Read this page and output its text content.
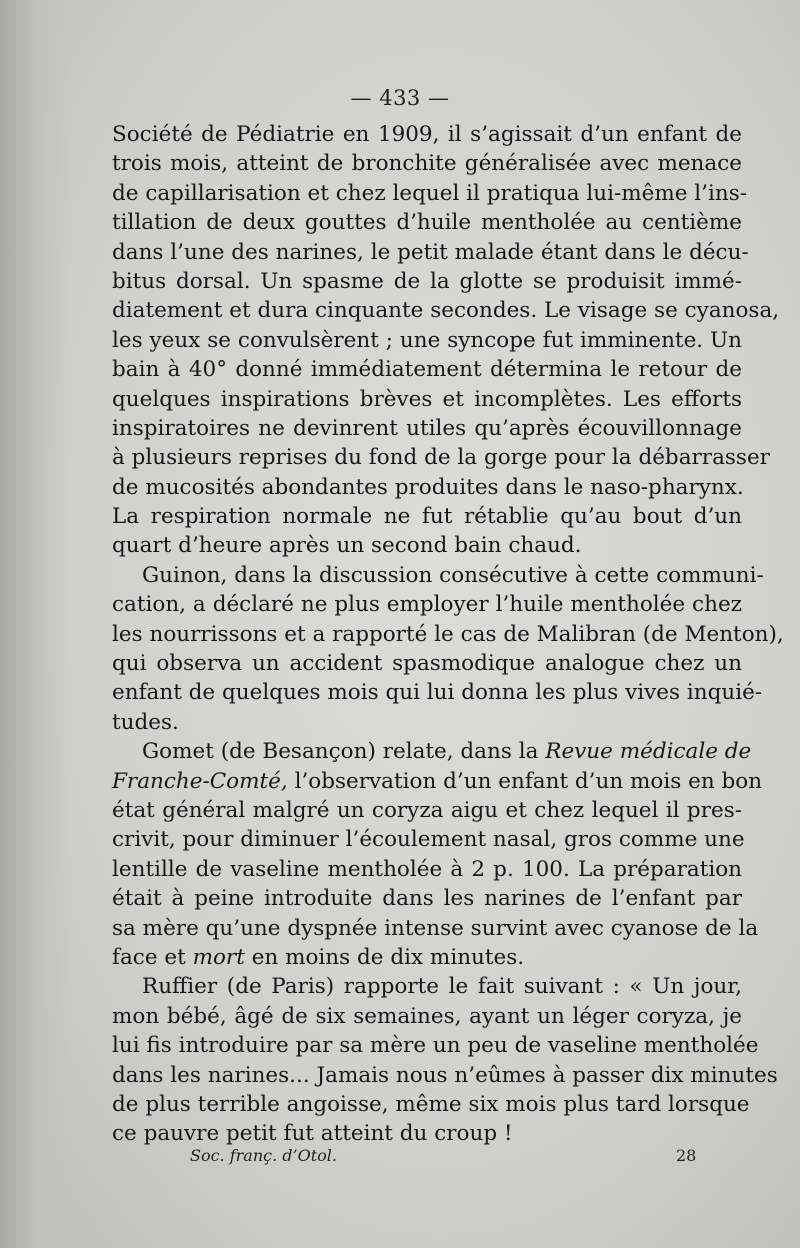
— 433 —
Société de Pédiatrie en 1909, il s’agissait d’un enfant de
trois mois, atteint de bronchite généralisée avec menace
de capillarisation et chez lequel il pratiqua lui-même l’ins-
tillation de deux gouttes d’huile mentholée au centième
dans l’une des narines, le petit malade étant dans le décu-
bitus dorsal. Un spasme de la glotte se produisit immé-
diatement et dura cinquante secondes. Le visage se cyanosa,
les yeux se convulsèrent ; une syncope fut imminente. Un
bain à 40° donné immédiatement détermina le retour de
quelques inspirations brèves et incomplètes. Les efforts
inspiratoires ne devinrent utiles qu’après écouvillonnage
à plusieurs reprises du fond de la gorge pour la débarrasser
de mucosités abondantes produites dans le naso-pharynx.
La respiration normale ne fut rétablie qu’au bout d’un
quart d’heure après un second bain chaud.
Guinon, dans la discussion consécutive à cette communi-
cation, a déclaré ne plus employer l’huile mentholée chez
les nourrissons et a rapporté le cas de Malibran (de Menton),
qui observa un accident spasmodique analogue chez un
enfant de quelques mois qui lui donna les plus vives inquié-
tudes.
Gomet (de Besançon) relate, dans la Revue médicale de
Franche-Comté, l’observation d’un enfant d’un mois en bon
état général malgré un coryza aigu et chez lequel il pres-
crivit, pour diminuer l’écoulement nasal, gros comme une
lentille de vaseline mentholée à 2 p. 100. La préparation
était à peine introduite dans les narines de l’enfant par
sa mère qu’une dyspnée intense survint avec cyanose de la
face et mort en moins de dix minutes.
Ruffier (de Paris) rapporte le fait suivant : « Un jour,
mon bébé, âgé de six semaines, ayant un léger coryza, je
lui fis introduire par sa mère un peu de vaseline mentholée
dans les narines... Jamais nous n’eûmes à passer dix minutes
de plus terrible angoisse, même six mois plus tard lorsque
ce pauvre petit fut atteint du croup !
Soc. franç. d’Otol.	28
